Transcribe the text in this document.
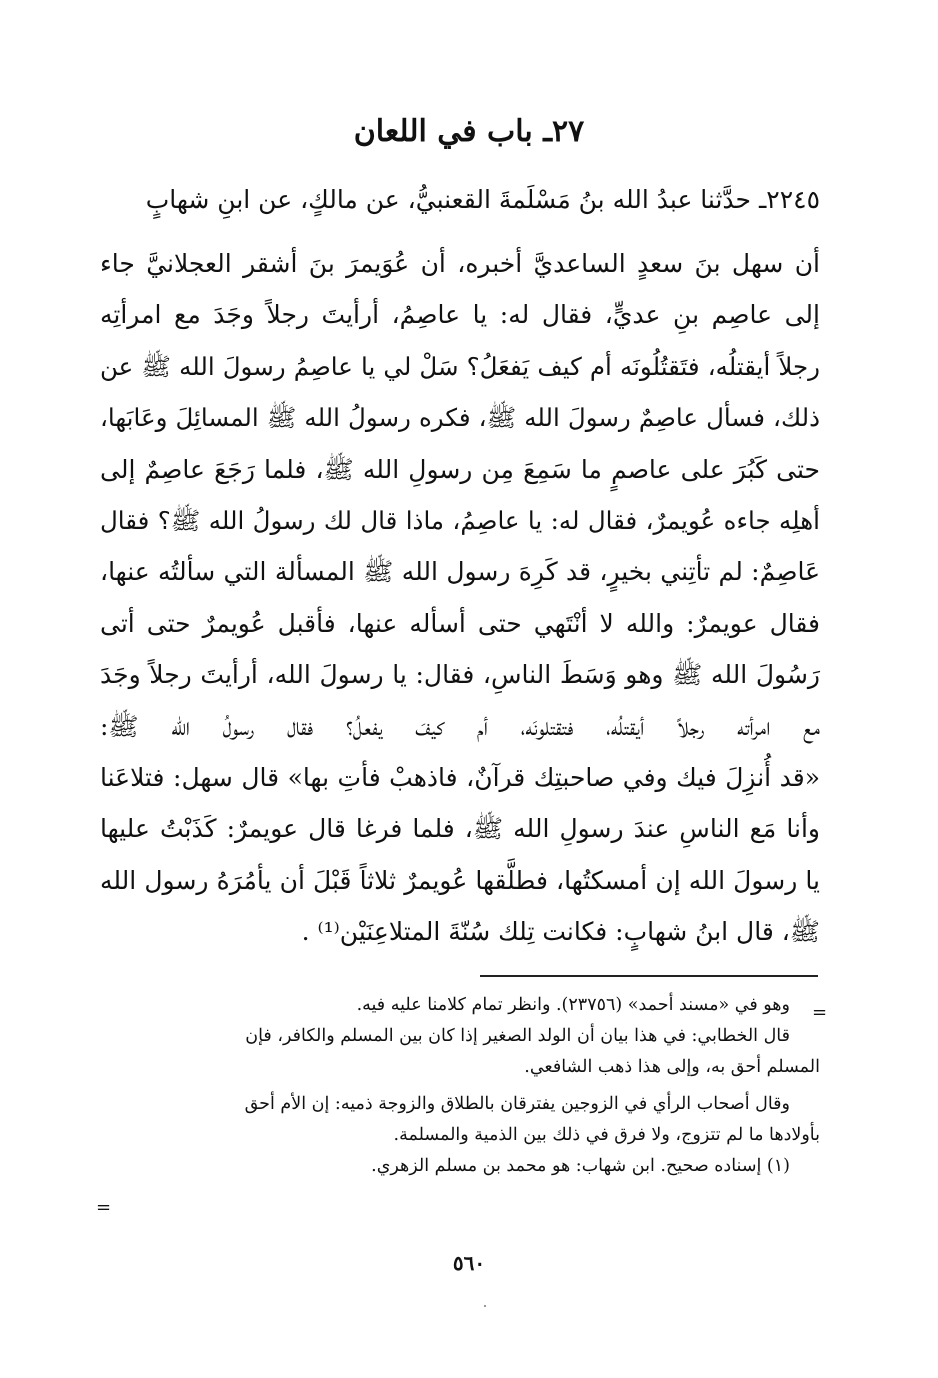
٢٧ـ باب في اللعان
٢٢٤٥ـ حدَّثنا عبدُ الله بنُ مَسْلَمةَ القعنبيُّ، عن مالكٍ، عن ابنِ شهابٍ
أن سهل بنَ سعدٍ الساعديَّ أخبره، أن عُوَيمرَ بنَ أشقر العجلانيَّ جاء
إلى عاصِم بنِ عديٍّ، فقال له: يا عاصِمُ، أرأيتَ رجلاً وجَدَ مع امرأتِه
رجلاً أيقتلُه، فتَقتُلُونَه أم كيف يَفعَلُ؟ سَلْ لي يا عاصِمُ رسولَ الله ﷺ عن
ذلك، فسأل عاصِمٌ رسولَ الله ﷺ، فكره رسولُ الله ﷺ المسائِلَ وعَابَها،
حتى كَبُرَ على عاصمٍ ما سَمِعَ مِن رسولِ الله ﷺ، فلما رَجَعَ عاصِمٌ إلى
أهلِه جاءه عُويمرٌ، فقال له: يا عاصِمُ، ماذا قال لك رسولُ الله ﷺ؟ فقال
عَاصِمٌ: لم تأتِني بخيرٍ، قد كَرِهَ رسول الله ﷺ المسألة التي سألتُه عنها،
فقال عويمرٌ: والله لا أنْتَهي حتى أسأله عنها، فأقبل عُويمرٌ حتى أتى
رَسُولَ الله ﷺ وهو وَسَطَ الناسِ، فقال: يا رسولَ الله، أرأيتَ رجلاً وجَدَ
مع امرأته رجلاً أيقتلُه، فتقتلونَه، أم كيفَ يفعلُ؟ فقال رسولُ الله ﷺ:
«قد أُنزِلَ فيك وفي صاحبتِك قرآنٌ، فاذهبْ فأتِ بها» قال سهل: فتلاعَنا
وأنا مَع الناسِ عندَ رسولِ الله ﷺ، فلما فرغا قال عويمرٌ: كَذَبْتُ عليها
يا رسولَ الله إن أمسكتُها، فطلَّقها عُويمرٌ ثلاثاً قَبْلَ أن يأمُرَهُ رسول الله
ﷺ، قال ابنُ شهابٍ: فكانت تِلك سُنّةَ المتلاعِنَيْن⁽¹⁾ .
=
وهو في «مسند أحمد» (٢٣٧٥٦). وانظر تمام كلامنا عليه فيه.
قال الخطابي: في هذا بيان أن الولد الصغير إذا كان بين المسلم والكافر، فإن
المسلم أحق به، وإلى هذا ذهب الشافعي.
وقال أصحاب الرأي في الزوجين يفترقان بالطلاق والزوجة ذميه: إن الأم أحق
بأولادها ما لم تتزوج، ولا فرق في ذلك بين الذمية والمسلمة.
(١) إسناده صحيح. ابن شهاب: هو محمد بن مسلم الزهري.
=
٥٦٠
